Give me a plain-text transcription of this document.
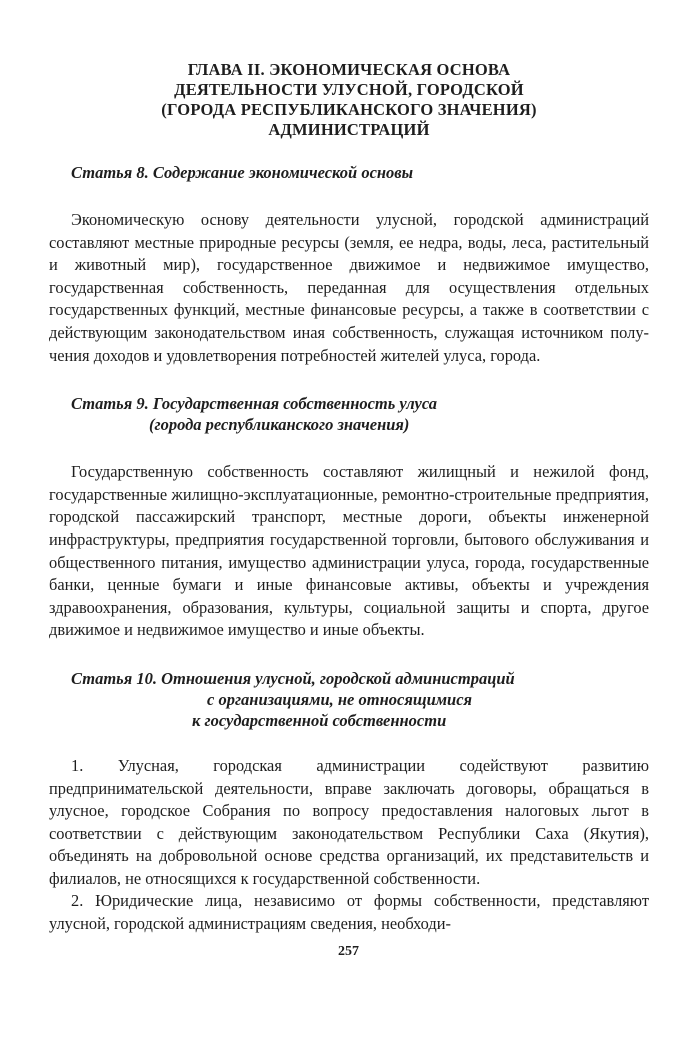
ГЛАВА II. ЭКОНОМИЧЕСКАЯ ОСНОВА
ДЕЯТЕЛЬНОСТИ УЛУСНОЙ, ГОРОДСКОЙ
(ГОРОДА РЕСПУБЛИКАНСКОГО ЗНАЧЕНИЯ)
АДМИНИСТРАЦИЙ
Статья 8. Содержание экономической основы

Экономическую основу деятельности улусной, городской администраций составляют местные природные ресурсы (земля, ее недра, воды, леса, растительный и животный мир), государственное движимое и недвижимое имущество, государственная собственность, переданная для осуществления отдельных государственных функций, местные финансовые ресурсы, а также в соответствии с действующим законодательством иная собственность, служащая источником получения доходов и удовлетворения потребностей жителей улуса, города.

Статья 9. Государственная собственность улуса
(города республиканского значения)

Государственную собственность составляют жилищный и нежилой фонд, государственные жилищно-эксплуатационные, ремонтно-строительные предприятия, городской пассажирский транспорт, местные дороги, объекты инженерной инфраструктуры, предприятия государственной торговли, бытового обслуживания и общественного питания, имущество администрации улуса, города, государственные банки, ценные бумаги и иные финансовые активы, объекты и учреждения здравоохранения, образования, культуры, социальной защиты и спорта, другое движимое и недвижимое имущество и иные объекты.

Статья 10. Отношения улусной, городской администраций
с организациями, не относящимися
к государственной собственности

1. Улусная, городская администрации содействуют развитию предпринимательской деятельности, вправе заключать договоры, обращаться в улусное, городское Собрания по вопросу предоставления налоговых льгот в соответствии с действующим законодательством Республики Саха (Якутия), объединять на добровольной основе средства организаций, их представительств и филиалов, не относящихся к государственной собственности.

2. Юридические лица, независимо от формы собственности, представляют улусной, городской администрациям сведения, необходи-

257
